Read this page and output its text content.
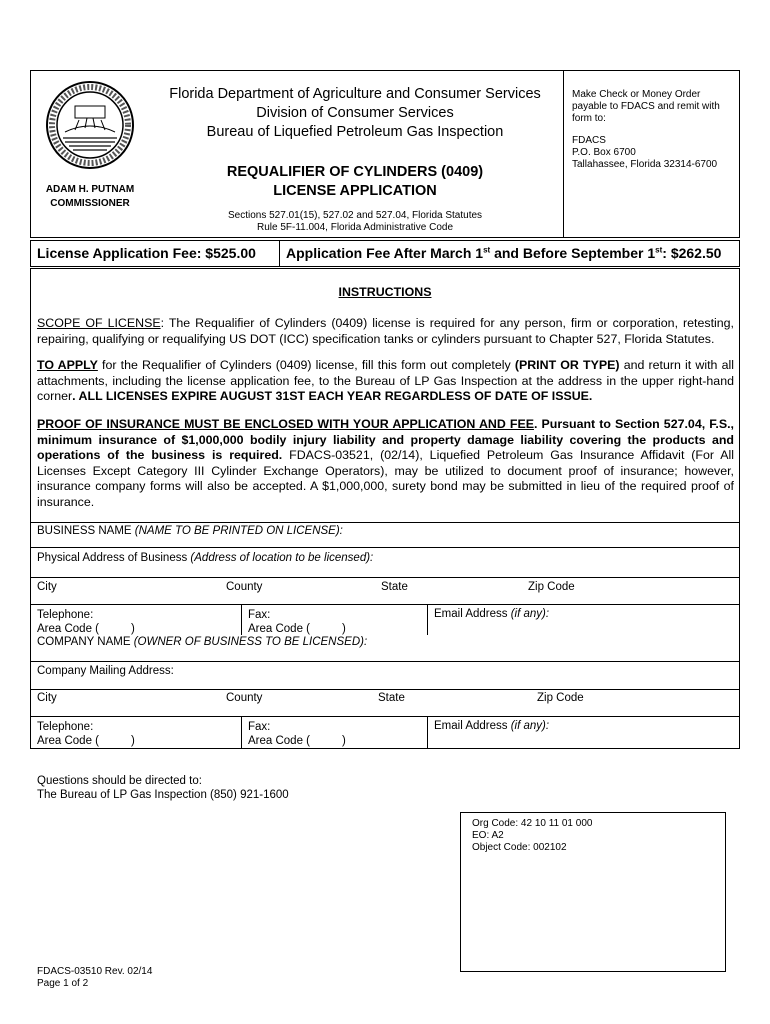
ADAM H. PUTNAM
COMMISSIONER
Florida Department of Agriculture and Consumer Services
Division of Consumer Services
Bureau of Liquefied Petroleum Gas Inspection
REQUALIFIER OF CYLINDERS (0409)
LICENSE APPLICATION
Sections 527.01(15), 527.02 and 527.04, Florida Statutes
Rule 5F-11.004, Florida Administrative Code
Make Check or Money Order payable to FDACS and remit with form to:
FDACS
P.O. Box 6700
Tallahassee, Florida 32314-6700
License Application Fee: $525.00 Application Fee After March 1st and Before September 1st: $262.50
INSTRUCTIONS
SCOPE OF LICENSE: The Requalifier of Cylinders (0409) license is required for any person, firm or corporation, retesting, repairing, qualifying or requalifying US DOT (ICC) specification tanks or cylinders pursuant to Chapter 527, Florida Statutes.
TO APPLY for the Requalifier of Cylinders (0409) license, fill this form out completely (PRINT OR TYPE) and return it with all attachments, including the license application fee, to the Bureau of LP Gas Inspection at the address in the upper right-hand corner. ALL LICENSES EXPIRE AUGUST 31ST EACH YEAR REGARDLESS OF DATE OF ISSUE.
PROOF OF INSURANCE MUST BE ENCLOSED WITH YOUR APPLICATION AND FEE. Pursuant to Section 527.04, F.S., minimum insurance of $1,000,000 bodily injury liability and property damage liability covering the products and operations of the business is required. FDACS-03521, (02/14), Liquefied Petroleum Gas Insurance Affidavit (For All Licenses Except Category III Cylinder Exchange Operators), may be utilized to document proof of insurance; however, insurance company forms will also be accepted. A $1,000,000, surety bond may be submitted in lieu of the required proof of insurance.
BUSINESS NAME (NAME TO BE PRINTED ON LICENSE):
Physical Address of Business (Address of location to be licensed):
City	County	State	Zip Code
Telephone:
Area Code (          )
Fax:
Area Code (          )
Email Address (if any):
COMPANY NAME (OWNER OF BUSINESS TO BE LICENSED):
Company Mailing Address:
City	County	State	Zip Code
Telephone:
Area Code (          )
Fax:
Area Code (          )
Email Address (if any):
Questions should be directed to:
The Bureau of LP Gas Inspection (850) 921-1600
Org Code: 42 10 11 01 000
EO: A2
Object Code: 002102
FDACS-03510 Rev. 02/14
Page 1 of 2
